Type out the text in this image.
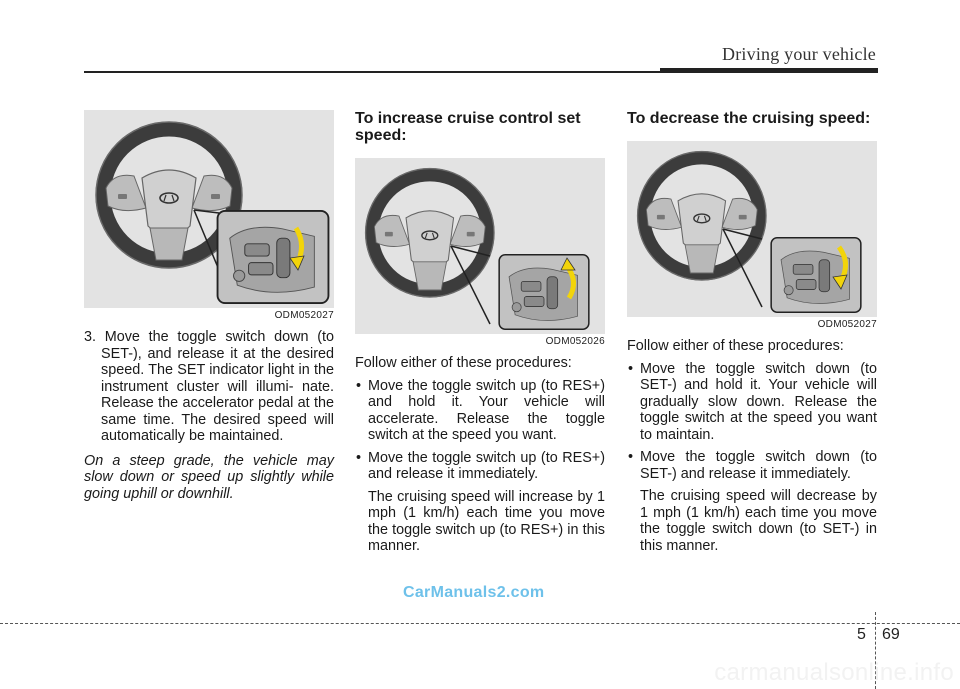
Driving your vehicle
ODM052027

3. Move the toggle switch down (to SET-), and release it at the desired speed. The SET indicator light in the instrument cluster will illumi- nate. Release the accelerator pedal at the same time. The desired speed will automatically be maintained.

On a steep grade, the vehicle may slow down or speed up slightly while going uphill or downhill.

To increase cruise control set speed:
ODM052026

Follow either of these procedures:

• Move the toggle switch up (to RES+) and hold it. Your vehicle will accelerate. Release the toggle switch at the speed you want.

• Move the toggle switch up (to RES+) and release it immediately.

The cruising speed will increase by 1 mph (1 km/h) each time you move the toggle switch up (to RES+) in this manner.

To decrease the cruising speed:
ODM052027

Follow either of these procedures:

• Move the toggle switch down (to SET-) and hold it. Your vehicle will gradually slow down. Release the toggle switch at the speed you want to maintain.

• Move the toggle switch down (to SET-) and release it immediately.

The cruising speed will decrease by 1 mph (1 km/h) each time you move the toggle switch down (to SET-) in this manner.

CarManuals2.com
5 69
carmanualsonline.info
